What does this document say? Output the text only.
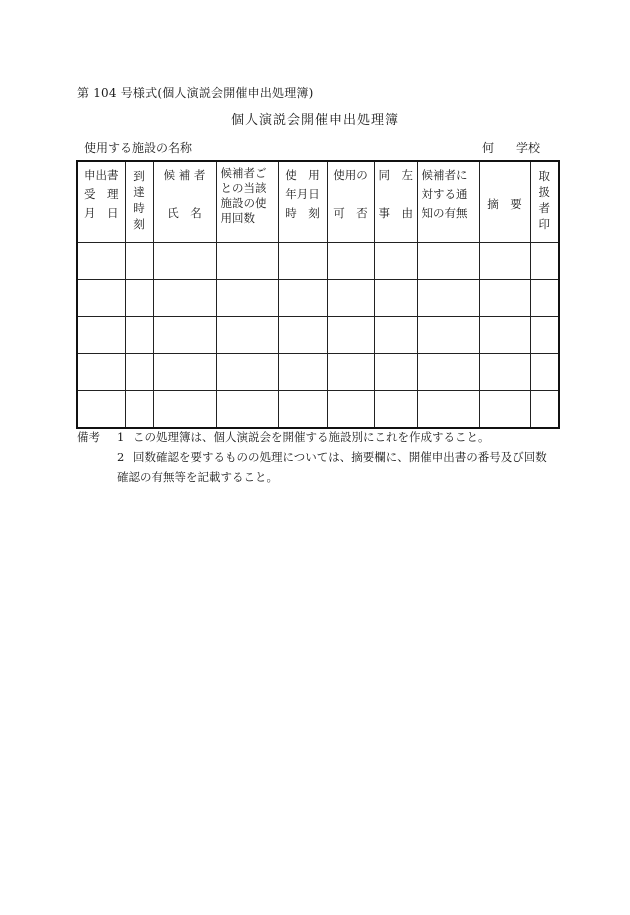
第 104 号様式(個人演説会開催申出処理簿)
個人演説会開催申出処理簿
使用する施設の名称	何 学校
申出書
受　理
月　日	到
達
時
刻	候 補 者

氏　名	候補者ご
との当該
施設の使
用回数	使　用
年月日
時　刻	使用の

可　否	同　左

事　由	候補者に
対する通
知の有無	摘　要	取
扱
者
印

備考	1 この処理簿は、個人演説会を開催する施設別にこれを作成すること。
2 回数確認を要するものの処理については、摘要欄に、開催申出書の番号及び回数
確認の有無等を記載すること。
